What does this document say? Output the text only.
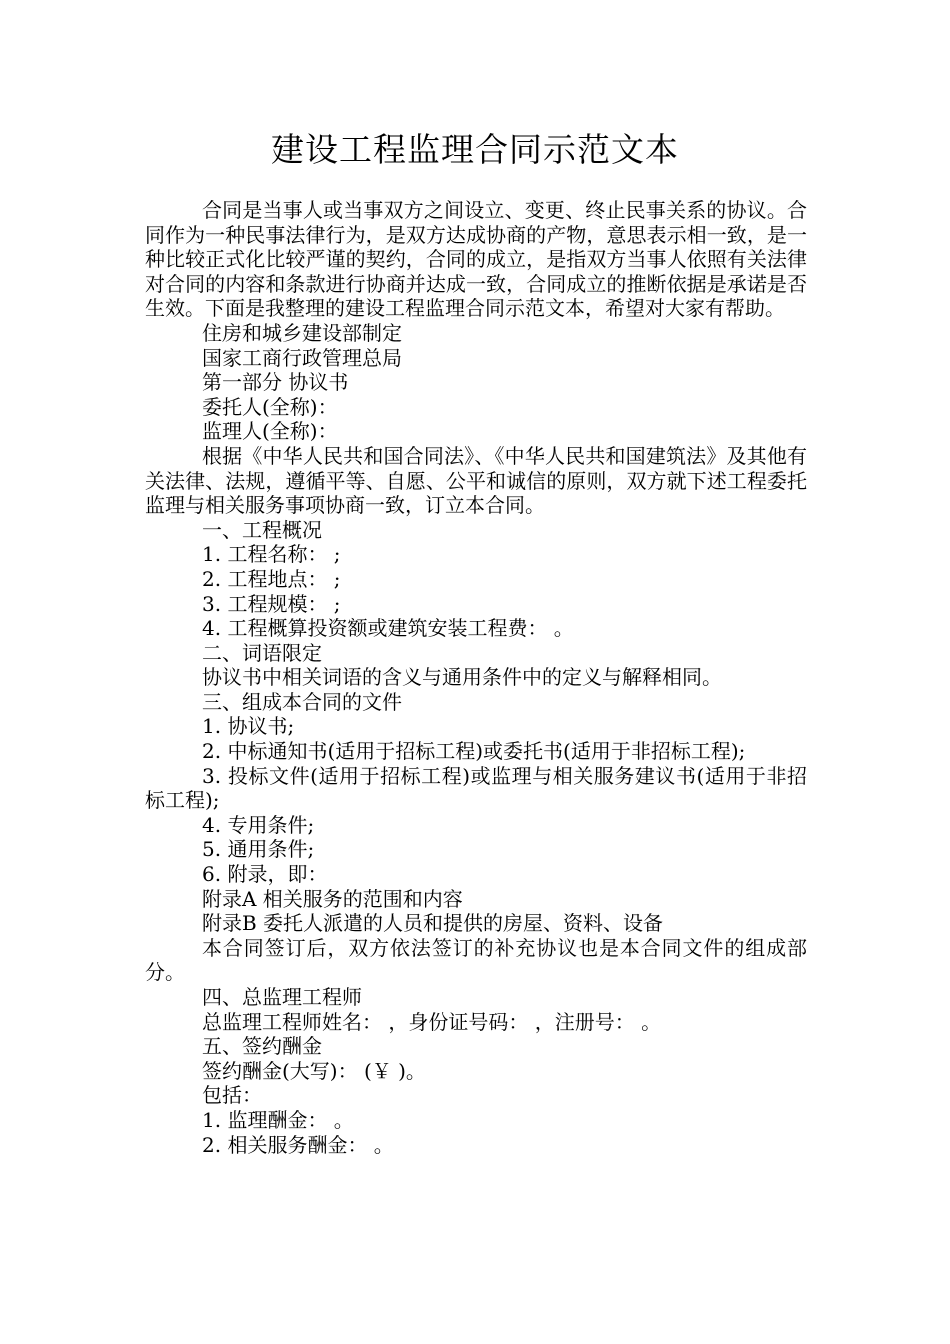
建设工程监理合同示范文本

合同是当事人或当事双方之间设立、变更、终止民事关系的协议。合同作为一种民事法律行为，是双方达成协商的产物，意思表示相一致，是一种比较正式化比较严谨的契约，合同的成立，是指双方当事人依照有关法律对合同的内容和条款进行协商并达成一致，合同成立的推断依据是承诺是否生效。下面是我整理的建设工程监理合同示范文本，希望对大家有帮助。

住房和城乡建设部制定

国家工商行政管理总局

第一部分 协议书

委托人(全称)：

监理人(全称)：

根据《中华人民共和国合同法》、《中华人民共和国建筑法》及其他有关法律、法规，遵循平等、自愿、公平和诚信的原则，双方就下述工程委托监理与相关服务事项协商一致，订立本合同。

一、工程概况

1. 工程名称： ;

2. 工程地点： ;

3. 工程规模： ;

4. 工程概算投资额或建筑安装工程费： 。

二、词语限定

协议书中相关词语的含义与通用条件中的定义与解释相同。

三、组成本合同的文件

1. 协议书;

2. 中标通知书(适用于招标工程)或委托书(适用于非招标工程);

3. 投标文件(适用于招标工程)或监理与相关服务建议书(适用于非招标工程);

4. 专用条件;

5. 通用条件;

6. 附录，即：

附录A 相关服务的范围和内容

附录B 委托人派遣的人员和提供的房屋、资料、设备

本合同签订后，双方依法签订的补充协议也是本合同文件的组成部分。

四、总监理工程师

总监理工程师姓名： ，身份证号码： ，注册号： 。

五、签约酬金

签约酬金(大写)： (￥ )。

包括：

1. 监理酬金： 。

2. 相关服务酬金： 。
